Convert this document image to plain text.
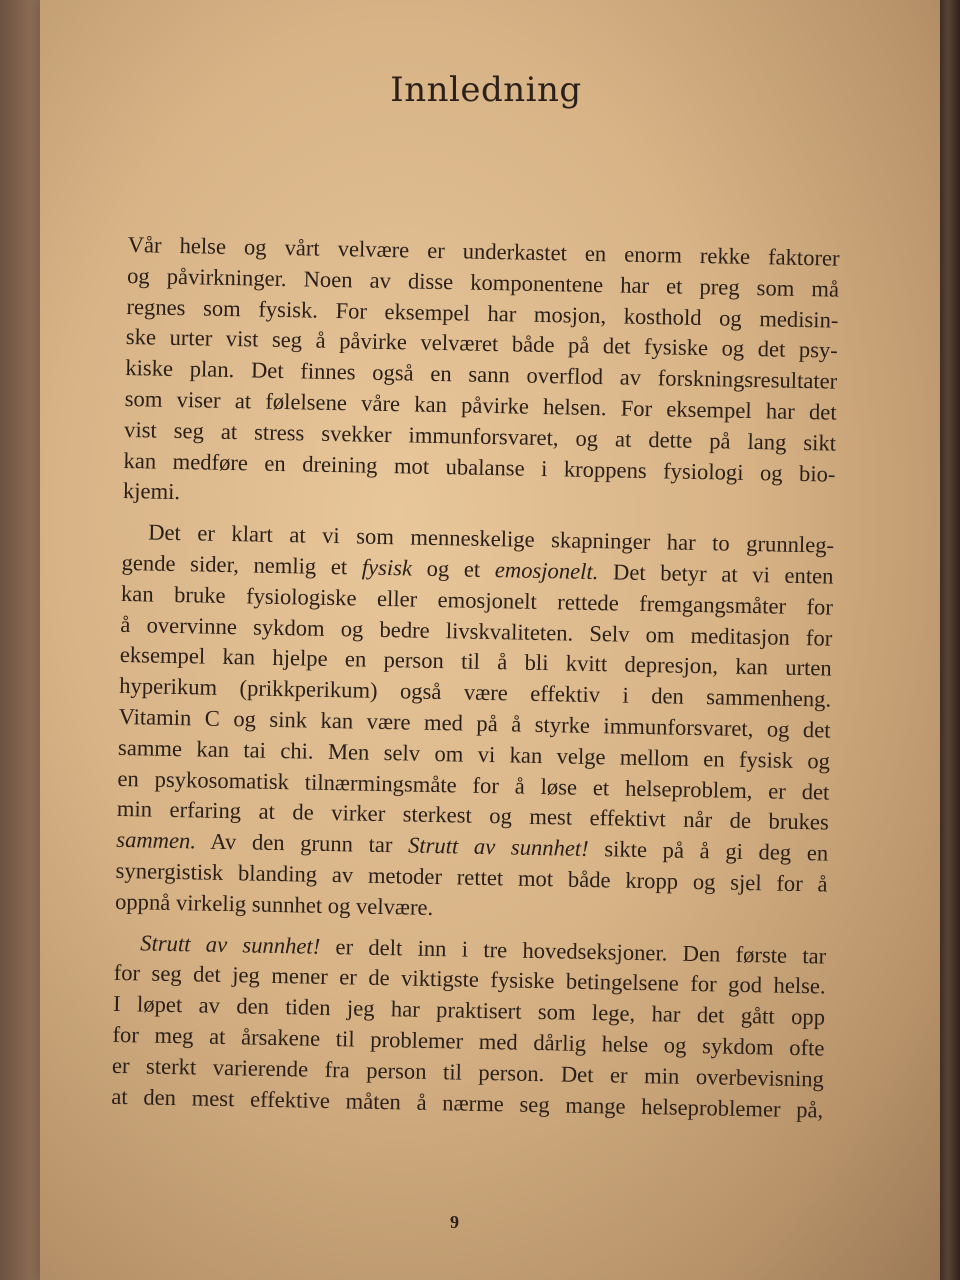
Innledning
Vår helse og vårt velvære er underkastet en enorm rekke faktorer
og påvirkninger. Noen av disse komponentene har et preg som må
regnes som fysisk. For eksempel har mosjon, kosthold og medisin-
ske urter vist seg å påvirke velværet både på det fysiske og det psy-
kiske plan. Det finnes også en sann overflod av forskningsresultater
som viser at følelsene våre kan påvirke helsen. For eksempel har det
vist seg at stress svekker immunforsvaret, og at dette på lang sikt
kan medføre en dreining mot ubalanse i kroppens fysiologi og bio-
kjemi.
Det er klart at vi som menneskelige skapninger har to grunnleg-
gende sider, nemlig et fysisk og et emosjonelt. Det betyr at vi enten
kan bruke fysiologiske eller emosjonelt rettede fremgangsmåter for
å overvinne sykdom og bedre livskvaliteten. Selv om meditasjon for
eksempel kan hjelpe en person til å bli kvitt depresjon, kan urten
hyperikum (prikkperikum) også være effektiv i den sammenheng.
Vitamin C og sink kan være med på å styrke immunforsvaret, og det
samme kan tai chi. Men selv om vi kan velge mellom en fysisk og
en psykosomatisk tilnærmingsmåte for å løse et helseproblem, er det
min erfaring at de virker sterkest og mest effektivt når de brukes
sammen. Av den grunn tar Strutt av sunnhet! sikte på å gi deg en
synergistisk blanding av metoder rettet mot både kropp og sjel for å
oppnå virkelig sunnhet og velvære.
Strutt av sunnhet! er delt inn i tre hovedseksjoner. Den første tar
for seg det jeg mener er de viktigste fysiske betingelsene for god helse.
I løpet av den tiden jeg har praktisert som lege, har det gått opp
for meg at årsakene til problemer med dårlig helse og sykdom ofte
er sterkt varierende fra person til person. Det er min overbevisning
at den mest effektive måten å nærme seg mange helseproblemer på,
9
